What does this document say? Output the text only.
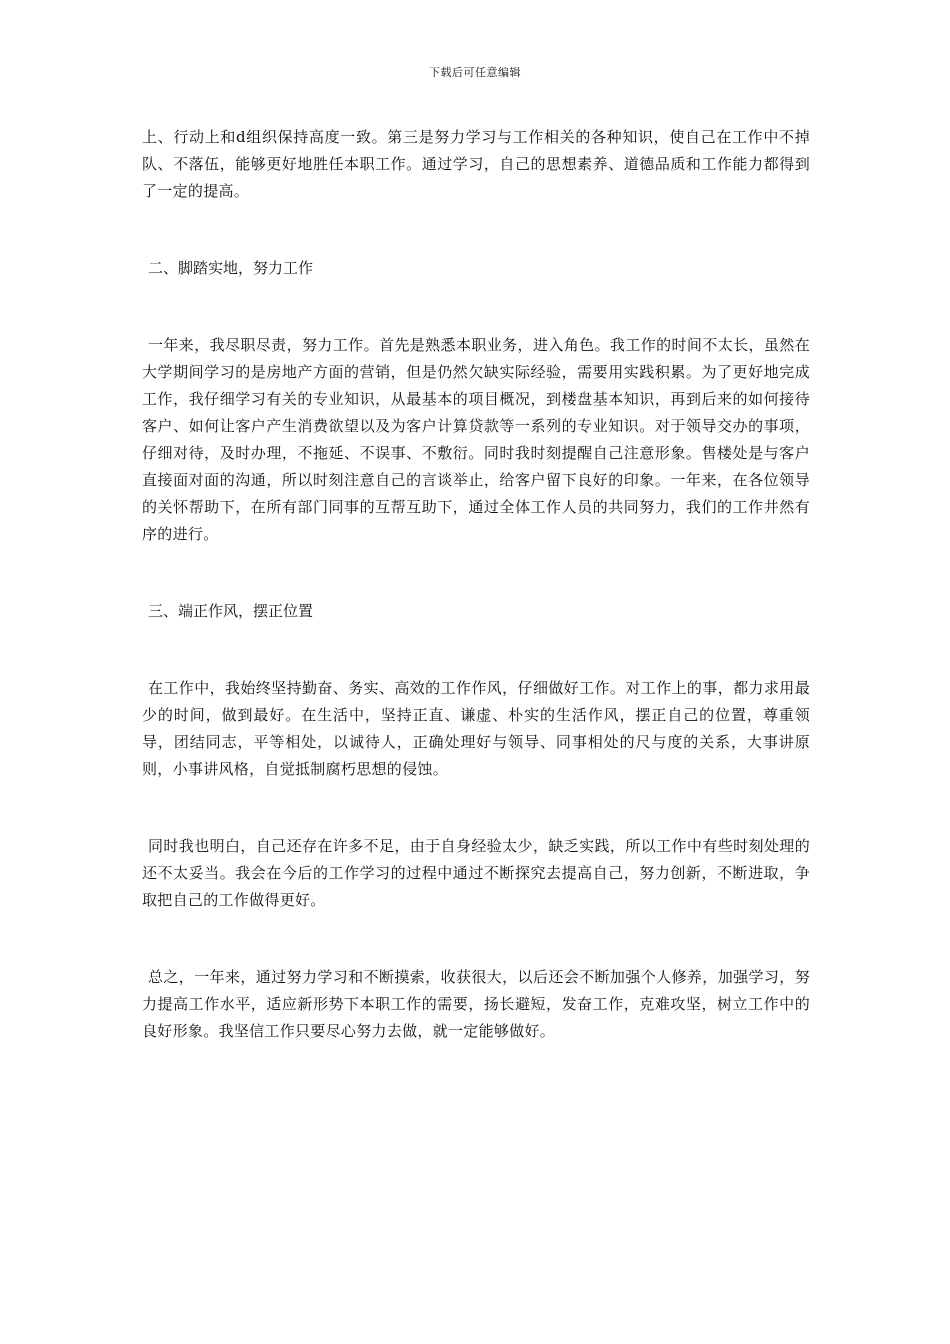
下载后可任意编辑

上、行动上和d组织保持高度一致。第三是努力学习与工作相关的各种知识，使自己在工作中不掉队、不落伍，能够更好地胜任本职工作。通过学习，自己的思想素养、道德品质和工作能力都得到了一定的提高。

二、脚踏实地，努力工作

一年来，我尽职尽责，努力工作。首先是熟悉本职业务，进入角色。我工作的时间不太长，虽然在大学期间学习的是房地产方面的营销，但是仍然欠缺实际经验，需要用实践积累。为了更好地完成工作，我仔细学习有关的专业知识，从最基本的项目概况，到楼盘基本知识，再到后来的如何接待客户、如何让客户产生消费欲望以及为客户计算贷款等一系列的专业知识。对于领导交办的事项，仔细对待，及时办理，不拖延、不误事、不敷衍。同时我时刻提醒自己注意形象。售楼处是与客户直接面对面的沟通，所以时刻注意自己的言谈举止，给客户留下良好的印象。一年来，在各位领导的关怀帮助下，在所有部门同事的互帮互助下，通过全体工作人员的共同努力，我们的工作井然有序的进行。

三、端正作风，摆正位置

在工作中，我始终坚持勤奋、务实、高效的工作作风，仔细做好工作。对工作上的事，都力求用最少的时间，做到最好。在生活中，坚持正直、谦虚、朴实的生活作风，摆正自己的位置，尊重领导，团结同志，平等相处，以诚待人，正确处理好与领导、同事相处的尺与度的关系，大事讲原则，小事讲风格，自觉抵制腐朽思想的侵蚀。

同时我也明白，自己还存在许多不足，由于自身经验太少，缺乏实践，所以工作中有些时刻处理的还不太妥当。我会在今后的工作学习的过程中通过不断探究去提高自己，努力创新，不断进取，争取把自己的工作做得更好。

总之，一年来，通过努力学习和不断摸索，收获很大，以后还会不断加强个人修养，加强学习，努力提高工作水平，适应新形势下本职工作的需要，扬长避短，发奋工作，克难攻坚，树立工作中的良好形象。我坚信工作只要尽心努力去做，就一定能够做好。
